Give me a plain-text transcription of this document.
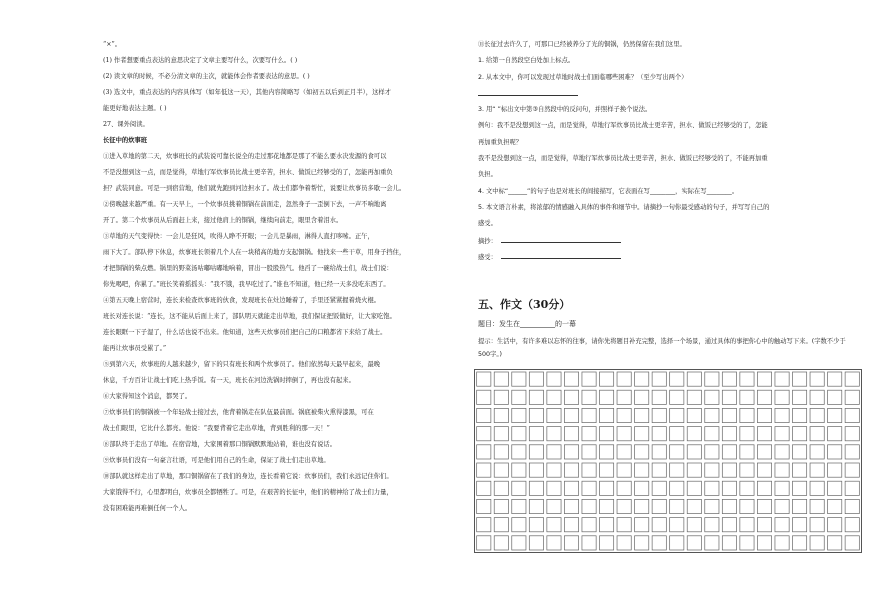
“×”。
(1) 作者想要重点表达的意思决定了文章主要写什么，次要写什么。( )
(2) 读文章的时候，不必分清文章的主次，就能体会作者要表达的意思。( )
(3) 选文中，重点表达的内容具体写（如年低这一天），其他内容简略写（如初五以后到正月半），这样才
能更好地表达主题。( )
27、课外阅读。
长征中的炊事班
①进入草地的第二天，炊事班长的武装说可靠长说全的走过那花地都是那了不能么要水决发源的食可以
不是没想到这一点，而是觉得，草地行军炊事员比战士更辛苦，担水、做饭已经够受的了，怎能再加重负
担？武装同意。可是一到宿营地，他们就先跑到河边担水了。战士们都争着帮忙，说要让炊事员多歇一会儿。
②傍晚越来越严重。有一天早上，一个炊事员挑着铜锅在前面走，忽然身子一歪倒下去，一声不响地离
开了。第二个炊事员从后面赶上来，接过他肩上的铜锅，继续向前走，眼里含着泪水。
③草地的天气变得快：一会儿是狂风，吹得人睁不开眼；一会儿是暴雨，淋得人直打哆嗦。正午，
雨下大了。部队停下休息，炊事班长领着几个人在一块稍高的地方支起铜锅。他找来一些干草，用身子挡住，
才把铜锅的柴点燃。锅里的野菜汤咕嘟咕嘟地响着，冒出一股股热气。他舀了一碗给战士们，战士们说：
你先喝吧，你累了。”班长笑着摇摇头：“我不饿，我早吃过了。”谁也不知道，他已经一天多没吃东西了。
④第五天晚上宿营时，连长来检查炊事班的伙食，发现班长在灶边睡着了，手里还紧紧握着烧火棍。
班长对连长说：“连长，这不能从后面上来了，部队明天就能走出草地，我们保证把饭做好，让大家吃饱。
连长眼眶一下子湿了，什么话也说不出来。他知道，这些天炊事员们把自己的口粮都省下来给了战士。
能再让炊事员受累了。”
⑤到第六天，炊事班的人越来越少，留下的只有班长和两个炊事员了。他们依然每天最早起来，最晚
休息，千方百计让战士们吃上热乎饭。有一天，班长在河边洗锅时摔倒了，再也没有起来。
⑥大家得知这个消息，都哭了。
⑦炊事员们的铜锅被一个年轻战士接过去，他背着锅走在队伍最前面。锅底被柴火熏得漆黑，可在
战士们眼里，它比什么都亮。他说：“我要背着它走出草地，背到胜利的那一天！”
⑧部队终于走出了草地。在宿营地，大家围着那口铜锅默默地站着，谁也没有说话。
⑨炊事员们没有一句豪言壮语，可是他们用自己的生命，保证了战士们走出草地。
⑩部队就这样走出了草地，那口铜锅留在了我们的身边，连长看着它说：炊事员们，我们永远记住你们。
大家饿得不行，心里都明白，炊事员全都牺牲了。可是，在艰苦的长征中，他们的精神给了战士们力量，
没有困难能再难倒任何一个人。
⑪长征过去许久了，可那口已经被养分了光的铜锅，仍然保留在我们这里。
1. 给第一自然段空白处加上标点。
2. 从本文中，你可以发现过草地时战士们面临哪些困难？（至少写出两个）
3. 用“ ”标出文中第③自然段中的反问句，并照样子换个说法。
例句：我不是没想到这一点，而是觉得，草地行军炊事员比战士更辛苦，担水、做饭已经够受的了，怎能
再加重负担呢？
我不是没想到这一点，而是觉得，草地行军炊事员比战士更辛苦，担水、做饭已经够受的了，不能再加重
负担。
4. 文中标“______”的句子也是对班长的间接描写，它表面在写________，实际在写________。
5. 本文语言朴素，将浓郁的情感融入具体的事件和细节中。请摘抄一句你最受感动的句子，并写写自己的
感受。
摘抄：
感受：
五、作文（30分）
题目：发生在__________的一幕
提示：生活中，有许多难以忘怀的往事，请你先将题目补充完整，选择一个场景，通过具体的事把你心中的触动写下来。(字数不少于 500字。)
